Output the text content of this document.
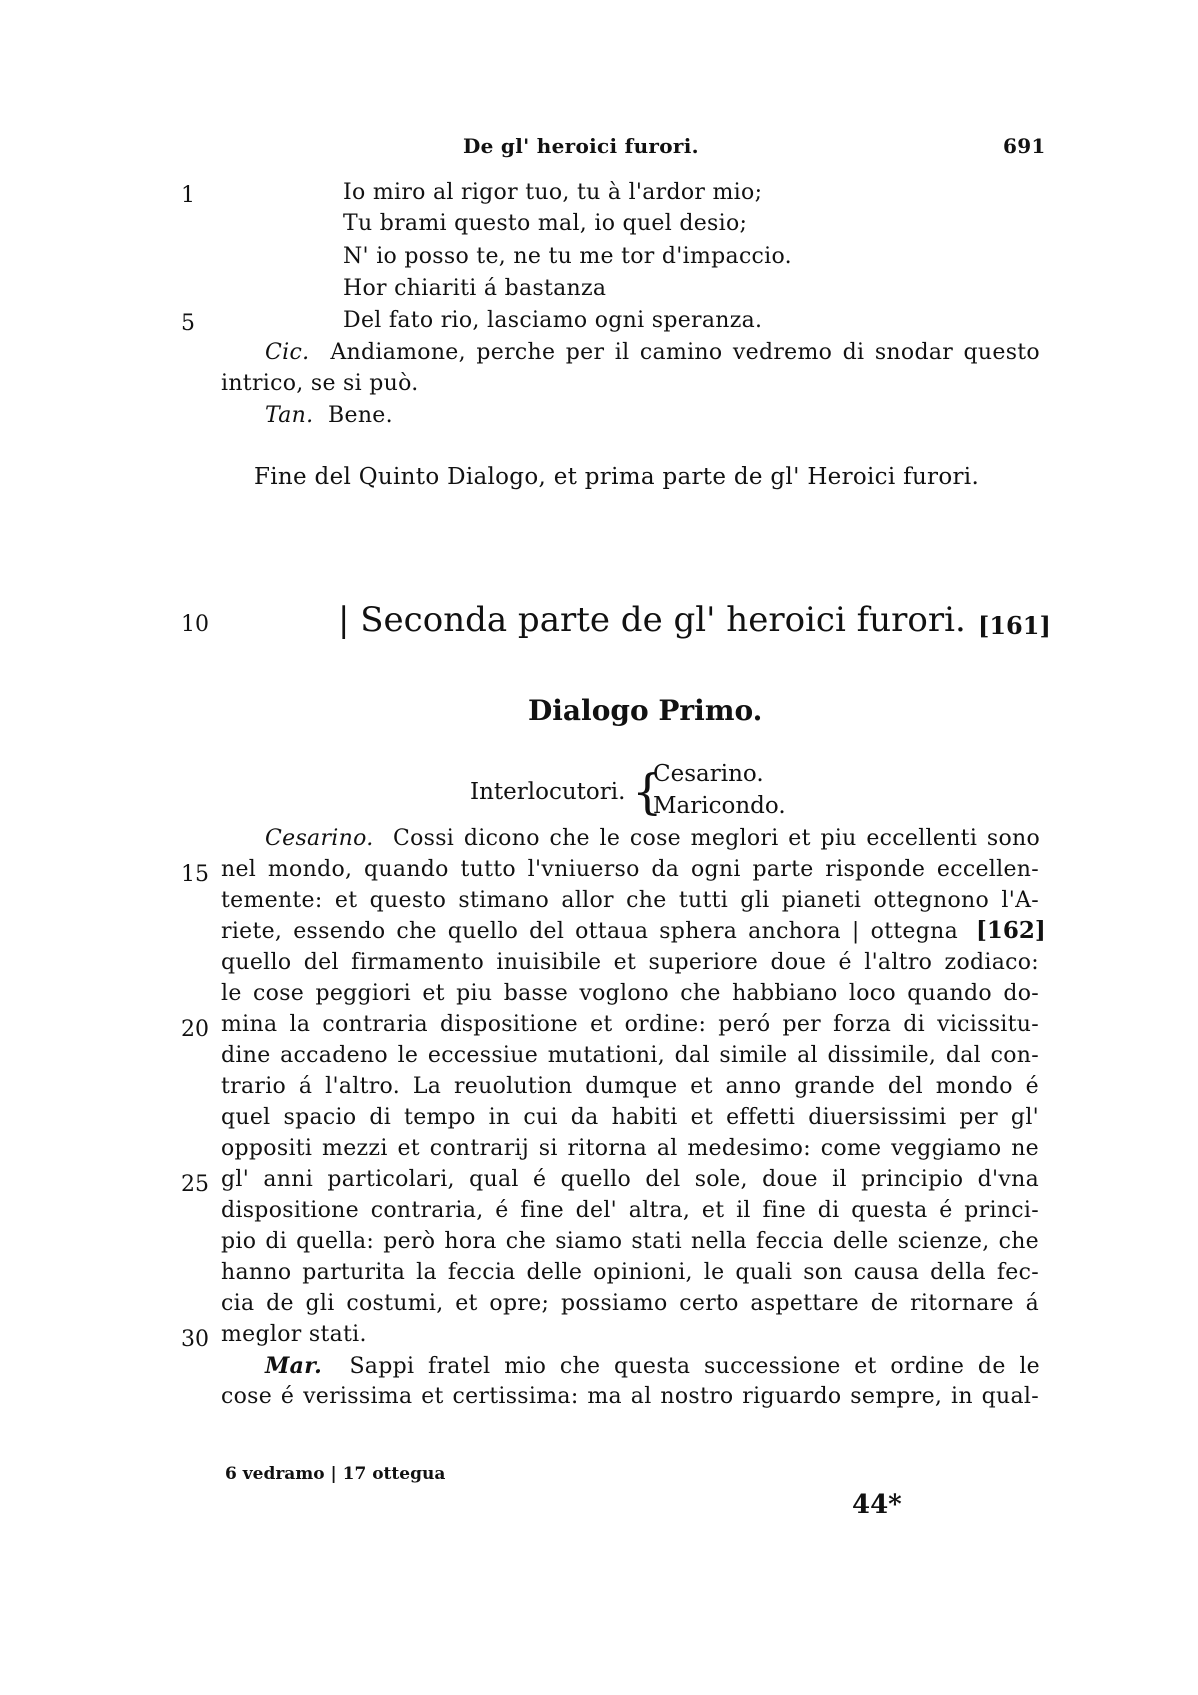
De gl' heroici furori.	691
1	Io miro al rigor tuo, tu à l'ardor mio;
Tu brami questo mal, io quel desio;
N' io posso te, ne tu me tor d'impaccio.
Hor chiariti á bastanza
5	Del fato rio, lasciamo ogni speranza.
Cic. Andiamone, perche per il camino vedremo di snodar questo
intrico, se si può.
Tan. Bene.
Fine del Quinto Dialogo, et prima parte de gl' Heroici furori.
10	| Seconda parte de gl' heroici furori. [161]
Dialogo Primo.
Interlocutori. {
Cesarino.
Maricondo.
Cesarino. Cossi dicono che le cose meglori et piu eccellenti sono
15 nel mondo, quando tutto l'vniuerso da ogni parte risponde eccellen-
temente: et questo stimano allor che tutti gli pianeti ottegnono l'A-
riete, essendo che quello del ottaua sphera anchora | ottegna [162]
quello del firmamento inuisibile et superiore doue é l'altro zodiaco:
le cose peggiori et piu basse voglono che habbiano loco quando do-
20 mina la contraria dispositione et ordine: peró per forza di vicissitu-
dine accadeno le eccessiue mutationi, dal simile al dissimile, dal con-
trario á l'altro. La reuolution dumque et anno grande del mondo é
quel spacio di tempo in cui da habiti et effetti diuersissimi per gl'
oppositi mezzi et contrarij si ritorna al medesimo: come veggiamo ne
25 gl' anni particolari, qual é quello del sole, doue il principio d'vna
dispositione contraria, é fine del' altra, et il fine di questa é princi-
pio di quella: però hora che siamo stati nella feccia delle scienze, che
hanno parturita la feccia delle opinioni, le quali son causa della fec-
cia de gli costumi, et opre; possiamo certo aspettare de ritornare á
30 meglor stati.
Mar. Sappi fratel mio che questa successione et ordine de le
cose é verissima et certissima: ma al nostro riguardo sempre, in qual-
6 vedramo | 17 ottegua
44*
